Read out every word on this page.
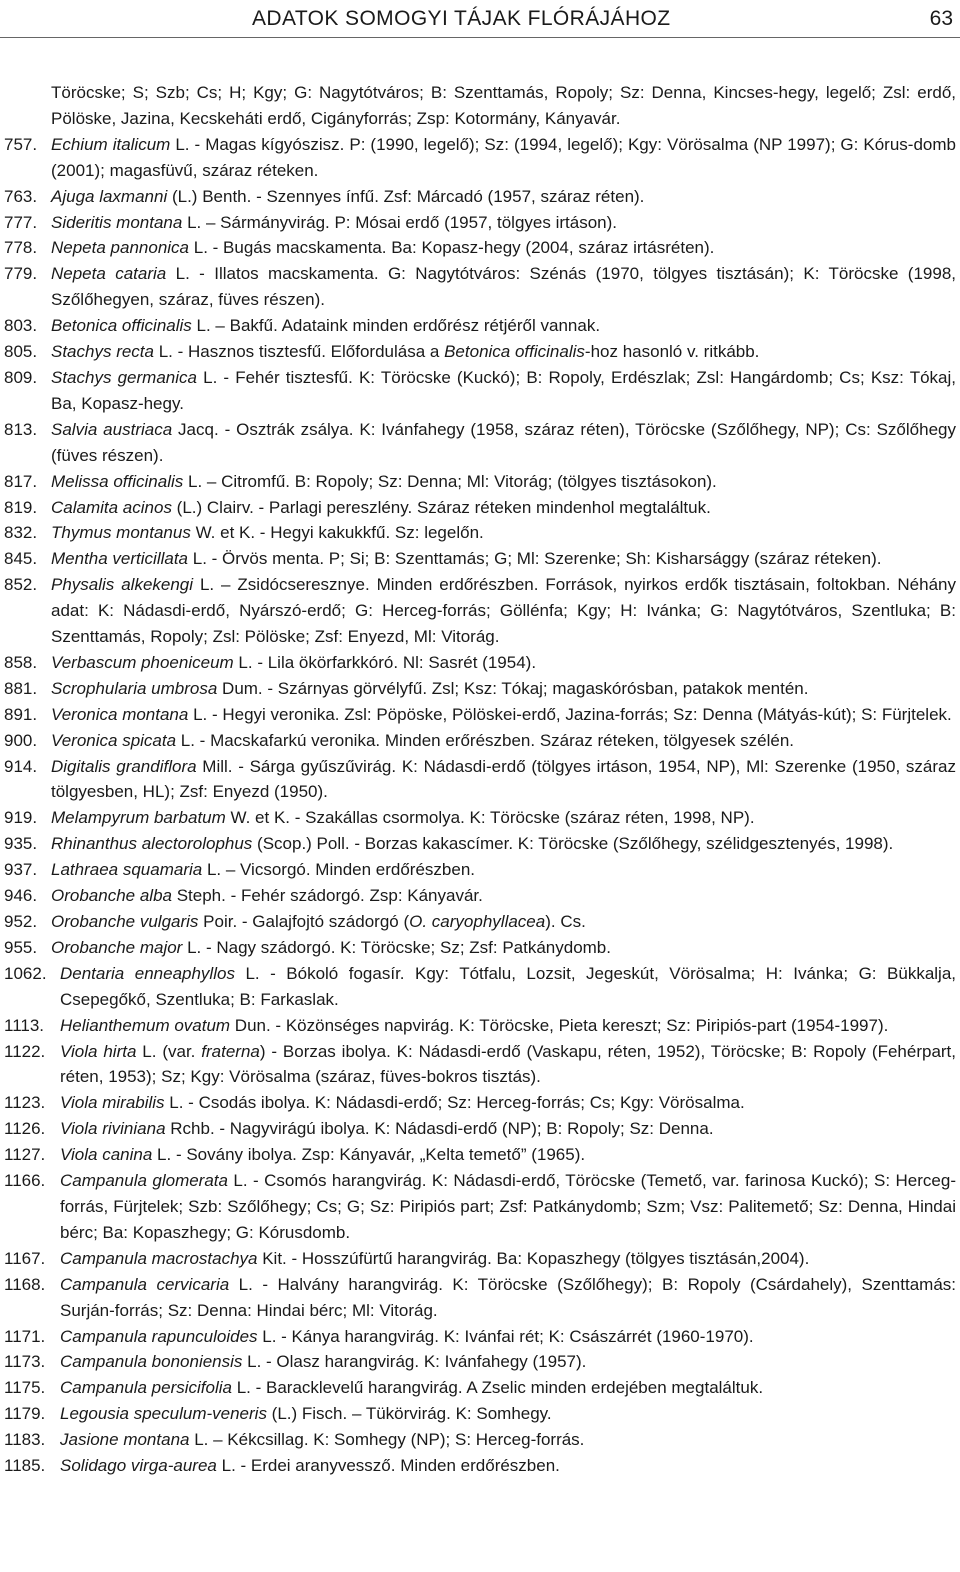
ADATOK SOMOGYI TÁJAK FLÓRÁJÁHOZ	63
Töröcske; S; Szb; Cs; H; Kgy; G: Nagytótváros; B: Szenttamás, Ropoly; Sz: Denna, Kincses-hegy, legelő; Zsl: erdő, Pölöske, Jazina, Kecskeháti erdő, Cigányforrás; Zsp: Kotormány, Kányavár.
757. Echium italicum L. - Magas kígyószisz. P: (1990, legelő); Sz: (1994, legelő); Kgy: Vörösalma (NP 1997); G: Kórus-domb (2001); magasfüvű, száraz réteken.
763. Ajuga laxmanni (L.) Benth. - Szennyes ínfű. Zsf: Márcadó (1957, száraz réten).
777. Sideritis montana L. – Sármányvirág. P: Mósai erdő (1957, tölgyes irtáson).
778. Nepeta pannonica L. - Bugás macskamenta. Ba: Kopasz-hegy (2004, száraz irtásréten).
779. Nepeta cataria L. - Illatos macskamenta. G: Nagytótváros: Szénás (1970, tölgyes tisztásán); K: Töröcske (1998, Szőlőhegyen, száraz, füves részen).
803. Betonica officinalis L. – Bakfű. Adataink minden erdőrész rétjéről vannak.
805. Stachys recta L. - Hasznos tisztesfű. Előfordulása a Betonica officinalis-hoz hasonló v. ritkább.
809. Stachys germanica L. - Fehér tisztesfű. K: Töröcske (Kuckó); B: Ropoly, Erdészlak; Zsl: Hangárdomb; Cs; Ksz: Tókaj, Ba, Kopasz-hegy.
813. Salvia austriaca Jacq. - Osztrák zsálya. K: Ivánfahegy (1958, száraz réten), Töröcske (Szőlőhegy, NP); Cs: Szőlőhegy (füves részen).
817. Melissa officinalis L. – Citromfű. B: Ropoly; Sz: Denna; Ml: Vitorág; (tölgyes tisztásokon).
819. Calamita acinos (L.) Clairv. - Parlagi pereszlény. Száraz réteken mindenhol megtaláltuk.
832. Thymus montanus W. et K. - Hegyi kakukkfű. Sz: legelőn.
845. Mentha verticillata L. - Örvös menta. P; Si; B: Szenttamás; G; Ml: Szerenke; Sh: Kisharsággy (száraz réteken).
852. Physalis alkekengi L. – Zsidócseresznye. Minden erdőrészben. Források, nyirkos erdők tisztásain, foltokban. Néhány adat: K: Nádasdi-erdő, Nyárszó-erdő; G: Herceg-forrás; Göllénfa; Kgy; H: Ivánka; G: Nagytótváros, Szentluka; B: Szenttamás, Ropoly; Zsl: Pölöske; Zsf: Enyezd, Ml: Vitorág.
858. Verbascum phoeniceum L. - Lila ökörfarkkóró. Nl: Sasrét (1954).
881. Scrophularia umbrosa Dum. - Szárnyas görvélyfű. Zsl; Ksz: Tókaj; magaskórósban, patakok mentén.
891. Veronica montana L. - Hegyi veronika. Zsl: Pöpöske, Pölöskei-erdő, Jazina-forrás; Sz: Denna (Mátyás-kút); S: Fürjtelek.
900. Veronica spicata L. - Macskafarkú veronika. Minden erőrészben. Száraz réteken, tölgyesek szélén.
914. Digitalis grandiflora Mill. - Sárga gyűszűvirág. K: Nádasdi-erdő (tölgyes irtáson, 1954, NP), Ml: Szerenke (1950, száraz tölgyesben, HL); Zsf: Enyezd (1950).
919. Melampyrum barbatum W. et K. - Szakállas csormolya. K: Töröcske (száraz réten, 1998, NP).
935. Rhinanthus alectorolophus (Scop.) Poll. - Borzas kakascímer. K: Töröcske (Szőlőhegy, szélidgesztenyés, 1998).
937. Lathraea squamaria L. – Vicsorgó. Minden erdőrészben.
946. Orobanche alba Steph. - Fehér szádorgó. Zsp: Kányavár.
952. Orobanche vulgaris Poir. - Galajfojtó szádorgó (O. caryophyllacea). Cs.
955. Orobanche major L. - Nagy szádorgó. K: Töröcske; Sz; Zsf: Patkánydomb.
1062. Dentaria enneaphyllos L. - Bókoló fogasír. Kgy: Tótfalu, Lozsit, Jegeskút, Vörösalma; H: Ivánka; G: Bükkalja, Csepegőkő, Szentluka; B: Farkaslak.
1113. Helianthemum ovatum Dun. - Közönséges napvirág. K: Töröcske, Pieta kereszt; Sz: Piripiós-part (1954-1997).
1122. Viola hirta L. (var. fraterna) - Borzas ibolya. K: Nádasdi-erdő (Vaskapu, réten, 1952), Töröcske; B: Ropoly (Fehérpart, réten, 1953); Sz; Kgy: Vörösalma (száraz, füves-bokros tisztás).
1123. Viola mirabilis L. - Csodás ibolya. K: Nádasdi-erdő; Sz: Herceg-forrás; Cs; Kgy: Vörösalma.
1126. Viola riviniana Rchb. - Nagyvirágú ibolya. K: Nádasdi-erdő (NP); B: Ropoly; Sz: Denna.
1127. Viola canina L. - Sovány ibolya. Zsp: Kányavár, „Kelta temető” (1965).
1166. Campanula glomerata L. - Csomós harangvirág. K: Nádasdi-erdő, Töröcske (Temető, var. farinosa Kuckó); S: Herceg-forrás, Fürjtelek; Szb: Szőlőhegy; Cs; G; Sz: Piripiós part; Zsf: Patkánydomb; Szm; Vsz: Palitemető; Sz: Denna, Hindai bérc; Ba: Kopaszhegy; G: Kórusdomb.
1167. Campanula macrostachya Kit. - Hosszúfürtű harangvirág. Ba: Kopaszhegy (tölgyes tisztásán,2004).
1168. Campanula cervicaria L. - Halvány harangvirág. K: Töröcske (Szőlőhegy); B: Ropoly (Csárdahely), Szenttamás: Surján-forrás; Sz: Denna: Hindai bérc; Ml: Vitorág.
1171. Campanula rapunculoides L. - Kánya harangvirág. K: Ivánfai rét; K: Császárrét (1960-1970).
1173. Campanula bononiensis L. - Olasz harangvirág. K: Ivánfahegy (1957).
1175. Campanula persicifolia L. - Baracklevelű harangvirág. A Zselic minden erdejében megtaláltuk.
1179. Legousia speculum-veneris (L.) Fisch. – Tükörvirág. K: Somhegy.
1183. Jasione montana L. – Kékcsillag. K: Somhegy (NP); S: Herceg-forrás.
1185. Solidago virga-aurea L. - Erdei aranyvessző. Minden erdőrészben.
